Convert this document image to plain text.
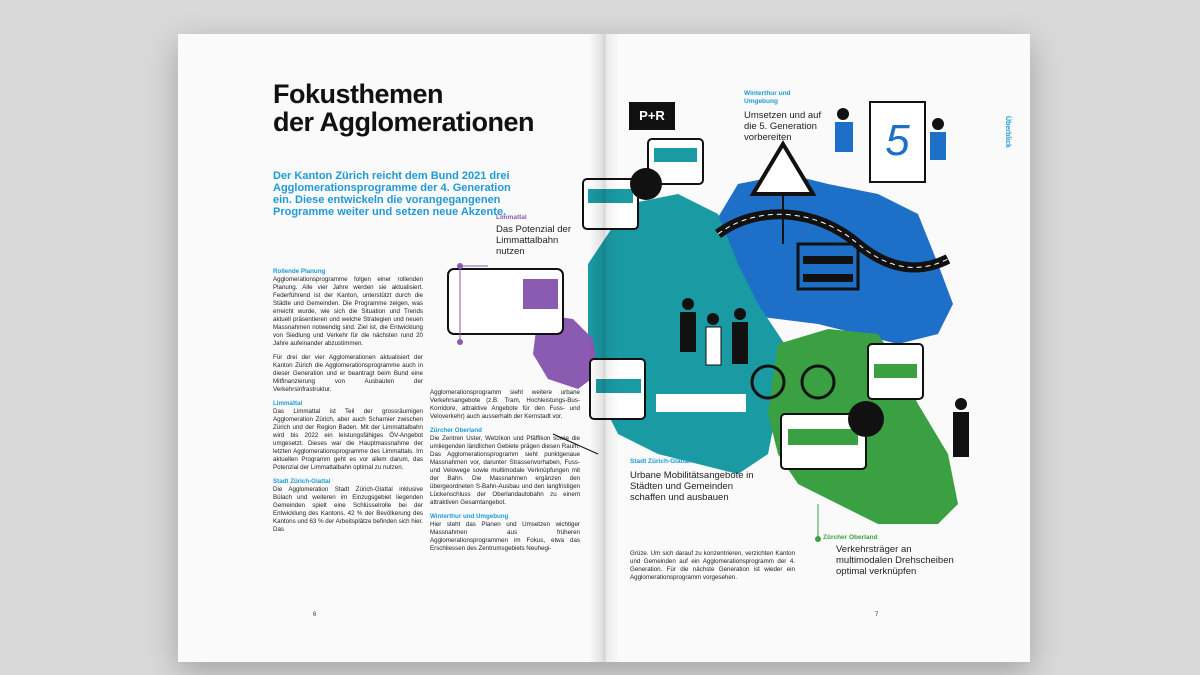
Fokusthemen
der Agglomerationen
Der Kanton Zürich reicht dem Bund 2021 drei Agglomerationsprogramme der 4. Generation ein. Diese entwickeln die vorangegangenen Programme weiter und setzen neue Akzente.
Rollende Planung

Agglomerationsprogramme folgen einer rollenden Planung. Alle vier Jahre werden sie aktualisiert. Federführend ist der Kanton, unterstützt durch die Städte und Gemeinden. Die Programme zeigen, was erreicht wurde, wie sich die Situation und Trends aktuell präsentieren und welche Strategien und neuen Massnahmen notwendig sind. Ziel ist, die Entwicklung von Siedlung und Verkehr für die nächsten rund 20 Jahre aufeinander abzustimmen.

Für drei der vier Agglomerationen aktualisiert der Kanton Zürich die Agglomerationsprogramme auch in dieser Generation und er beantragt beim Bund eine Mitfinanzierung von Ausbauten der Verkehrsinfrastruktur.

Limmattal

Das Limmattal ist Teil der grossräumigen Agglomeration Zürich, aber auch Scharnier zwischen Zürich und der Region Baden. Mit der Limmattalbahn wird bis 2022 ein leistungsfähiges ÖV-Angebot umgesetzt. Dieses war die Hauptmassnahme der letzten Agglomerationsprogramme des Limmattals. Im aktuellen Programm geht es vor allem darum, das Potenzial der Limmattalbahn optimal zu nutzen.

Stadt Zürich-Glattal

Die Agglomeration Stadt Zürich-Glattal inklusive Bülach und weiteren im Einzugsgebiet liegenden Gemeinden spielt eine Schlüsselrolle bei der Entwicklung des Kantons. 42 % der Bevölkerung des Kantons und 63 % der Arbeitsplätze befinden sich hier. Das

Agglomerationsprogramm sieht weitere urbane Verkehrsangebote (z.B. Tram, Hochleistungs-Bus-Korridore, attraktive Angebote für den Fuss- und Veloverkehr) auch ausserhalb der Kernstadt vor.

Zürcher Oberland

Die Zentren Uster, Wetzikon und Pfäffikon sowie die umliegenden ländlichen Gebiete prägen diesen Raum. Das Agglomerationsprogramm sieht punktgenaue Massnahmen vor, darunter Strassenvorhaben, Fuss- und Velowege sowie multimodale Verknüpfungen mit der Bahn. Die Massnahmen ergänzen den übergeordneten S-Bahn-Ausbau und den langfristigen Lückenschluss der Oberlandautobahn zu einem attraktiven Gesamtangebot.

Winterthur und Umgebung

Hier steht das Planen und Umsetzen wichtiger Massnahmen aus früheren Agglomerationsprogrammen im Fokus, etwa das Erschliessen des Zentrumsgebiets Neuhegi-

6
Überblick
P+R
5
Winterthur und Umgebung
Umsetzen und auf die 5. Generation vorbereiten
Limmattal
Das Potenzial der Limmattalbahn nutzen
Stadt Zürich-Glattal
Urbane Mobilitätsangebote in Städten und Gemeinden schaffen und ausbauen
Zürcher Oberland
Verkehrsträger an multimodalen Drehscheiben optimal verknüpfen

Grüze. Um sich darauf zu konzentrieren, verzichten Kanton und Gemeinden auf ein Agglomerationsprogramm der 4. Generation. Für die nächste Generation ist wieder ein Agglomerationsprogramm vorgesehen.

7
